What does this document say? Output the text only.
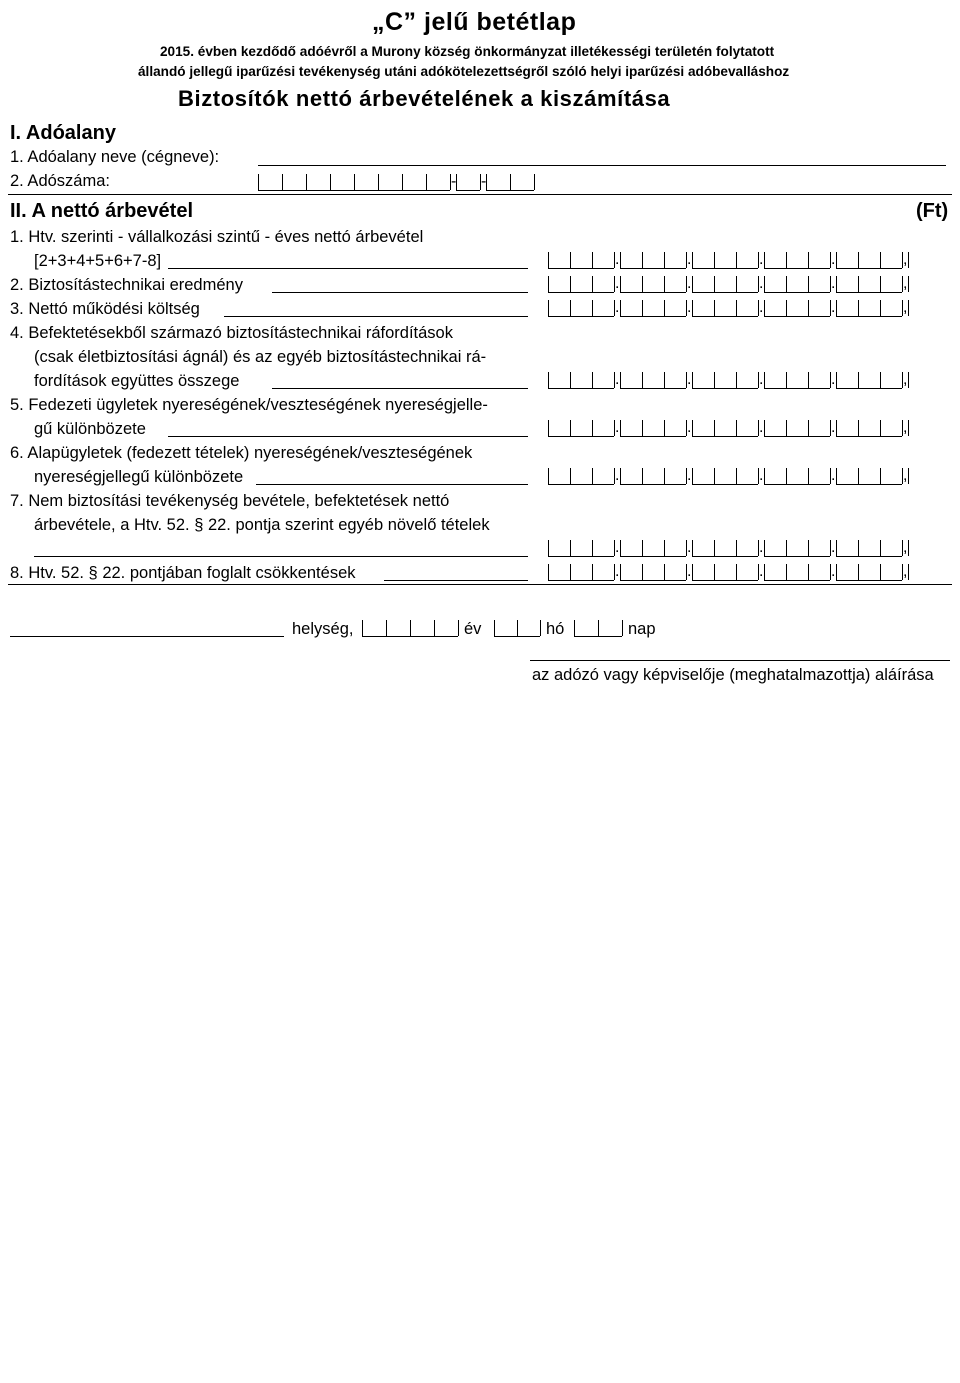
„C” jelű betétlap
2015. évben kezdődő adóévről a Murony község önkormányzat illetékességi területén folytatott
állandó jellegű iparűzési tevékenység utáni adókötelezettségről szóló helyi iparűzési adóbevalláshoz
Biztosítók nettó árbevételének a kiszámítása
I. Adóalany
1. Adóalany neve (cégneve):
2. Adószáma:	- -
II. A nettó árbevétel	(Ft)
1. Htv. szerinti - vállalkozási szintű - éves nettó árbevétel
[2+3+4+5+6+7-8]	.	.	.	.	,
2. Biztosítástechnikai eredmény	.	.	.	.	,
3. Nettó működési költség	.	.	.	.	,
4. Befektetésekből származó biztosítástechnikai ráfordítások
(csak életbiztosítási ágnál) és az egyéb biztosítástechnikai rá-
fordítások együttes összege	.	.	.	.	,
5. Fedezeti ügyletek nyereségének/veszteségének nyereségjelle-
gű különbözete	.	.	.	.	,
6. Alapügyletek (fedezett tételek) nyereségének/veszteségének
nyereségjellegű különbözete	.	.	.	.	,
7. Nem biztosítási tevékenység bevétele, befektetések nettó
árbevétele, a Htv. 52. § 22. pontja szerint egyéb növelő tételek
.	.	.	.	,
8. Htv. 52. § 22. pontjában foglalt csökkentések	.	.	.	.	,
helység,	év	hó	nap
az adózó vagy képviselője (meghatalmazottja) aláírása
